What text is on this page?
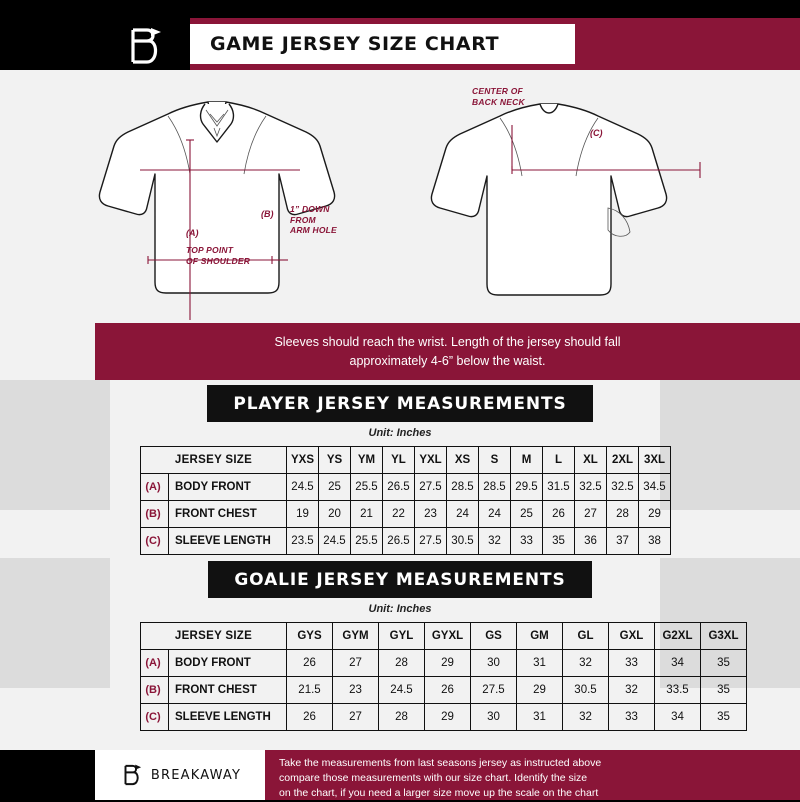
GAME JERSEY SIZE CHART
CENTER OF
BACK NECK
(C)
(B)
(A)
1” DOWN
FROM
ARM HOLE
TOP POINT
OF SHOULDER
Sleeves should reach the wrist. Length of the jersey should fall
approximately 4-6” below the waist.
PLAYER JERSEY MEASUREMENTS
Unit: Inches
JERSEY SIZE		YXS	YS	YM	YL	YXL	XS	S	M	L	XL	2XL	3XL
(A)	BODY FRONT	24.5	25	25.5	26.5	27.5	28.5	28.5	29.5	31.5	32.5	32.5	34.5
(B)	FRONT CHEST	19	20	21	22	23	24	24	25	26	27	28	29
(C)	SLEEVE LENGTH	23.5	24.5	25.5	26.5	27.5	30.5	32	33	35	36	37	38
GOALIE JERSEY MEASUREMENTS
Unit: Inches
JERSEY SIZE		GYS	GYM	GYL	GYXL	GS	GM	GL	GXL	G2XL	G3XL
(A)	BODY FRONT	26	27	28	29	30	31	32	33	34	35
(B)	FRONT CHEST	21.5	23	24.5	26	27.5	29	30.5	32	33.5	35
(C)	SLEEVE LENGTH	26	27	28	29	30	31	32	33	34	35
BREAKAWAY
Take the measurements from last seasons jersey as instructed above
compare those measurements with our size chart. Identify the size
on the chart, if you need a larger size move up the scale on the chart
